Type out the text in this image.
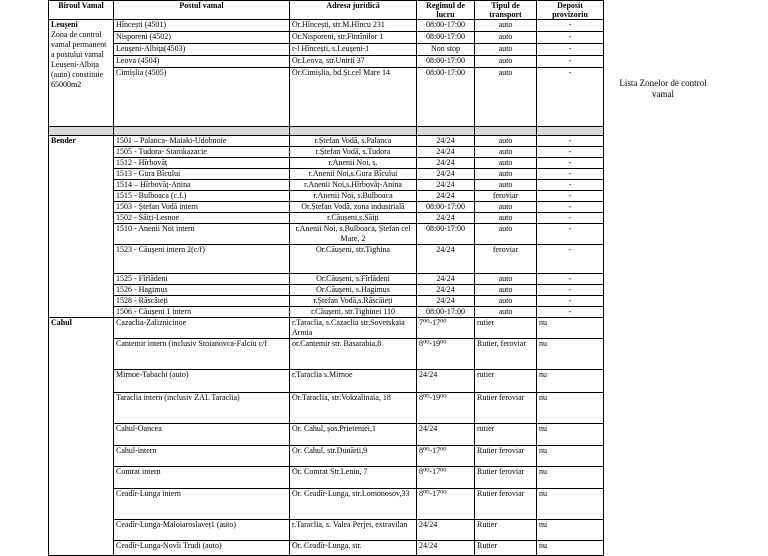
Biroul Vamal	Postul vamal	Adresa juridică	Regimul de lucru	Tipul de transport	Deposit provizoriu

Leușeni
Zona de control vamal permanent a postului vamal Leușeni-Albița (auto) constituie 65000m2	Hîncești (4501)	Or.Hîncești, str.M.Hîncu 231	08:00-17:00	auto	-
	Nisporeni (4502)	Or.Nisporeni, str.Fintînilor 1	08:00-17:00	auto	-
	Leușeni-Albița(4503)	r-l Hîncești, s.Leușeni-1	Non stop	auto	-
	Leova (4504)	Or.Leova, str.Unirii 37	08:00-17:00	auto	-
	Cimișlia (4505)	Or.Cimișlia, bd.Șt.cel Mare 14	08:00-17:00	auto	-

Bender	1501 – Palanca- Maiaki-Udobnoie	r.Ștefan Vodă, s.Palanca	24/24	auto	-
	1505 - Tudora- Starokazacie	r.Ștefan Vodă, s.Tudora	24/24	auto	-
	1512 - Hîrbovăț	r.Anenii Noi, s.	24/24	auto	-
	1513 - Gura Bîcului	r.Anenii Noi,s.Gura Bîcului	24/24	auto	-
	1514 – Hîrbovăț-Anina	r.Anenii Noi,s.Hîrbovăț-Anina	24/24	auto	-
	1515 - Bulboaca (c.f.)	r.Anenii Noi, s.Bulboaca	24/24	feroviar	-
	1503 - Ștefan Vodă intern	Or.Ștefan Vodă, zona industrială	08:00-17:00	auto	-
	1502 - Săiți-Lesnoe	r.Căușeni,s.Săiți	24/24	auto	-
	1510 - Anenii Noi intern	r.Anenii Noi, s.Bulboaca, Ștefan cel Mare, 2	08:00-17:00	auto	-
	1523 - Căușeni intern 2(c/f)	Or.Căușeni, str.Tighina	24/24	feroviar	-
	1525 - Fîrlădeni	Or.Căușeni, s.Fîrlădeni	24/24	auto	-
	1526 - Hagimus	Or.Căușeni, s.Hagimus	24/24	auto	-
	1528 - Răscăieți	r.Ștefan Vodă,s.Răscăieți	24/24	auto	-
	1506 - Căușeni 1 intern	r.Căușeni, str.Tighinei 110	08:00-17:00	auto	-
Cahul	Cazaclia-Zaliznicinoe	r.Taraclia, s.Cazaclia str.Sovetskaia Armia	7⁰⁰-17⁰⁰	rutier	nu
	Cantemir intern (inclusiv Stoianovca-Falciu c/f	or.Cantemir str. Basarabia,8	8⁰⁰-19⁰⁰	Rutier, feroviar	nu
	Mirnoe-Tabachi (auto)	r.Taraclia s.Mirnoe	24/24	rutier	nu
	Taraclia intern (inclusiv ZAL Taraclia)	Or.Taraclia, str.Vokzalinaia, 18	8⁰⁰-19⁰⁰	Rutier feroviar	nu
	Cahul-Oancea	Or. Cahul, șos.Prieteniei,1	24/24	rutier	nu
	Cahul-intern	Or. Cahul, str.Dunării,9	8⁰⁰-17⁰⁰	Rutier feroviar	nu
	Comrat intern	Or. Comrat Str.Lenin, 7	8⁰⁰-17⁰⁰	Rutier feroviar	nu
	Ceadîr-Lunga intern	Or. Ceadîr-Lunga, str.Lomonosov,33	8⁰⁰-17⁰⁰	Rutier feroviar	nu
	Ceadîr-Lunga-Maloiaroslaveț1 (auto)	r.Taraclia, s. Valea Perjei, extravilan	24/24	Rutier	nu
	Ceadîr-Lunga-Novîi Trudi (auto)	Or. Ceadîr-Lunga, str.	24/24	Rutier	nu
Lista Zonelor de control vamal
